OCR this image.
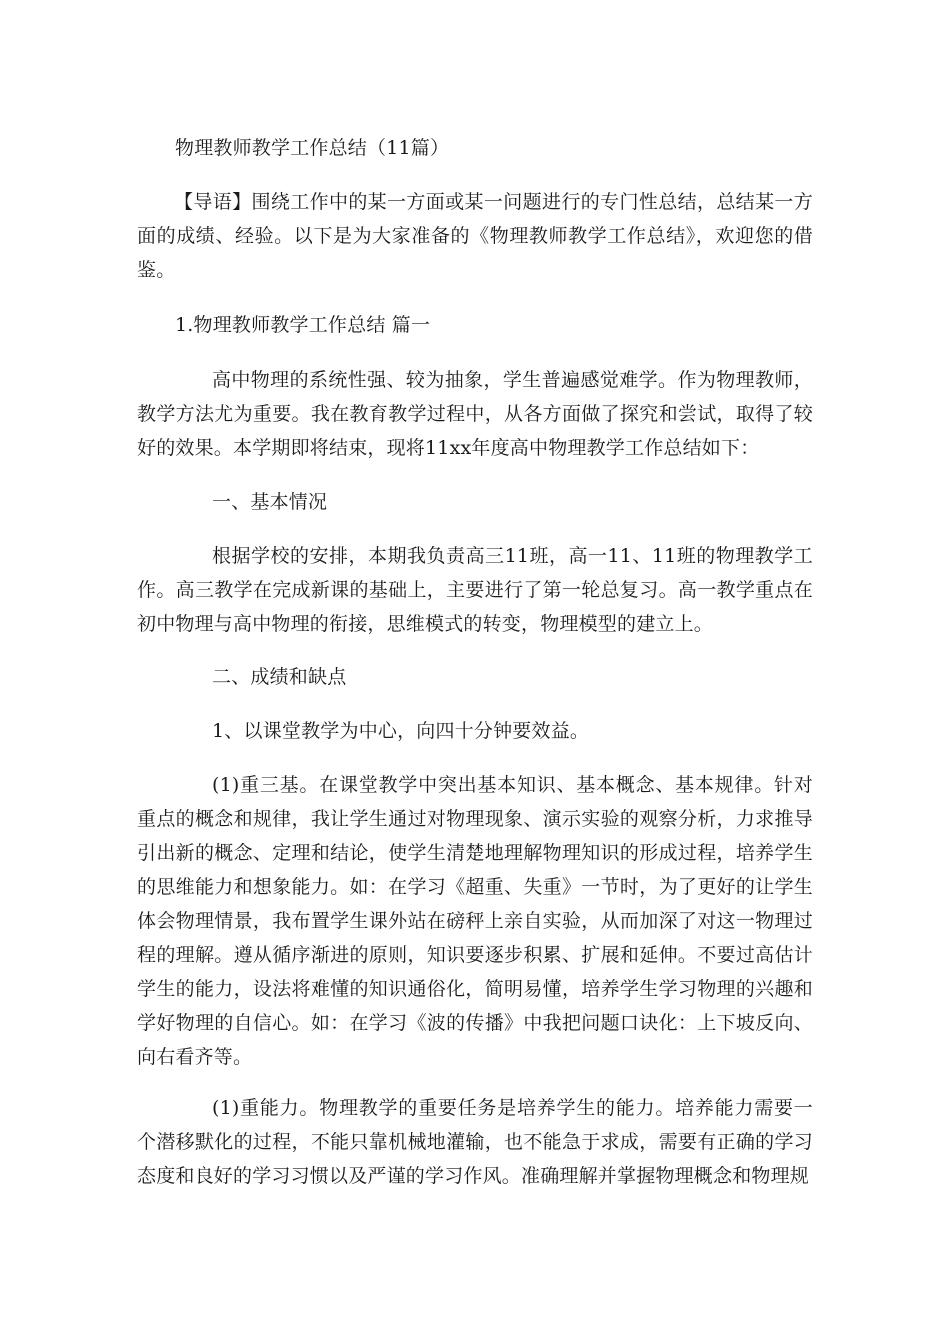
物理教师教学工作总结（11篇）
【导语】围绕工作中的某一方面或某一问题进行的专门性总结，总结某一方面的成绩、经验。以下是为大家准备的《物理教师教学工作总结》，欢迎您的借鉴。
1.物理教师教学工作总结 篇一
高中物理的系统性强、较为抽象，学生普遍感觉难学。作为物理教师，教学方法尤为重要。我在教育教学过程中，从各方面做了探究和尝试，取得了较好的效果。本学期即将结束，现将11xx年度高中物理教学工作总结如下：
一、基本情况
根据学校的安排，本期我负责高三11班，高一11、11班的物理教学工作。高三教学在完成新课的基础上，主要进行了第一轮总复习。高一教学重点在初中物理与高中物理的衔接，思维模式的转变，物理模型的建立上。
二、成绩和缺点
1、以课堂教学为中心，向四十分钟要效益。
(1)重三基。在课堂教学中突出基本知识、基本概念、基本规律。针对重点的概念和规律，我让学生通过对物理现象、演示实验的观察分析，力求推导引出新的概念、定理和结论，使学生清楚地理解物理知识的形成过程，培养学生的思维能力和想象能力。如：在学习《超重、失重》一节时，为了更好的让学生体会物理情景，我布置学生课外站在磅秤上亲自实验，从而加深了对这一物理过程的理解。遵从循序渐进的原则，知识要逐步积累、扩展和延伸。不要过高估计学生的能力，设法将难懂的知识通俗化，简明易懂，培养学生学习物理的兴趣和学好物理的自信心。如：在学习《波的传播》中我把问题口诀化：上下坡反向、向右看齐等。
(1)重能力。物理教学的重要任务是培养学生的能力。培养能力需要一个潜移默化的过程，不能只靠机械地灌输，也不能急于求成，需要有正确的学习态度和良好的学习习惯以及严谨的学习作风。准确理解并掌握物理概念和物理规
